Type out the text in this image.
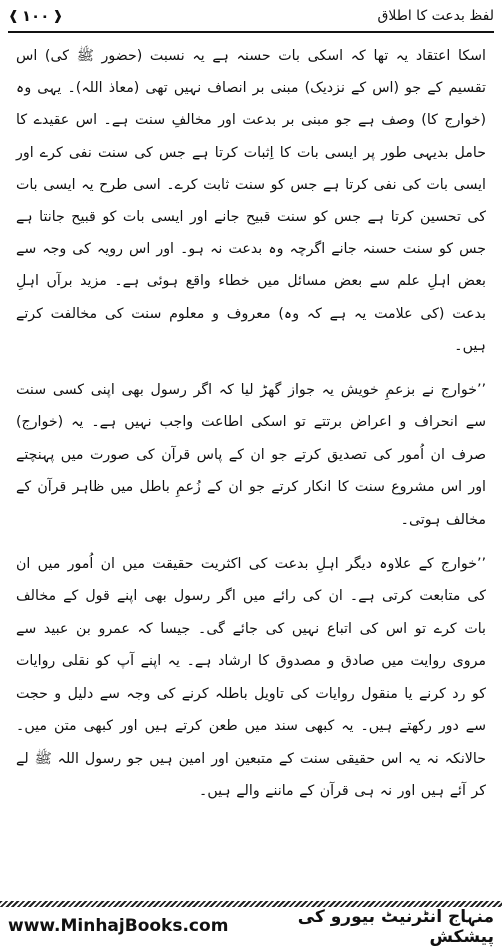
❰ ١٠٠ ❱	لفظ بدعت کا اطلاق

اسکا اعتقاد یہ تھا کہ اسکی بات حسنہ ہے یہ نسبت (حضور ﷺ کی) اس تقسیم کے جو (اس کے نزدیک) مبنی بر انصاف نہیں تھی (معاذ اللہ)۔ یہی وہ (خوارج کا) وصف ہے جو مبنی بر بدعت اور مخالفِ سنت ہے۔ اس عقیدے کا حامل بدیہی طور پر ایسی بات کا اِثبات کرتا ہے جس کی سنت نفی کرے اور ایسی بات کی نفی کرتا ہے جس کو سنت ثابت کرے۔ اسی طرح یہ ایسی بات کی تحسین کرتا ہے جس کو سنت قبیح جانے اور ایسی بات کو قبیح جانتا ہے جس کو سنت حسنہ جانے اگرچہ وہ بدعت نہ ہو۔ اور اس رویہ کی وجہ سے بعض اہلِ علم سے بعض مسائل میں خطاء واقع ہوئی ہے۔ مزید برآں اہلِ بدعت (کی علامت یہ ہے کہ وہ) معروف و معلوم سنت کی مخالفت کرتے ہیں۔

’’خوارج نے بزعمِ خویش یہ جواز گھڑ لیا کہ اگر رسول بھی اپنی کسی سنت سے انحراف و اعراض برتتے تو اسکی اطاعت واجب نہیں ہے۔ یہ (خوارج) صرف ان اُمور کی تصدیق کرتے جو ان کے پاس قرآن کی صورت میں پہنچتے اور اس مشروع سنت کا انکار کرتے جو ان کے زُعمِ باطل میں ظاہر قرآن کے مخالف ہوتی۔

’’خوارج کے علاوہ دیگر اہلِ بدعت کی اکثریت حقیقت میں ان اُمور میں ان کی متابعت کرتی ہے۔ ان کی رائے میں اگر رسول بھی اپنے قول کے مخالف بات کرے تو اس کی اتباع نہیں کی جائے گی۔ جیسا کہ عمرو بن عبید سے مروی روایت میں صادق و مصدوق کا ارشاد ہے۔ یہ اپنے آپ کو نقلی روایات کو رد کرنے یا منقول روایات کی تاویل باطلہ کرنے کی وجہ سے دلیل و حجت سے دور رکھتے ہیں۔ یہ کبھی سند میں طعن کرتے ہیں اور کبھی متن میں۔ حالانکہ نہ یہ اس حقیقی سنت کے متبعین اور امین ہیں جو رسول اللہ ﷺ لے کر آئے ہیں اور نہ ہی قرآن کے ماننے والے ہیں۔

www.MinhajBooks.com	منہاج انٹرنیٹ بیورو کی پیشکش
